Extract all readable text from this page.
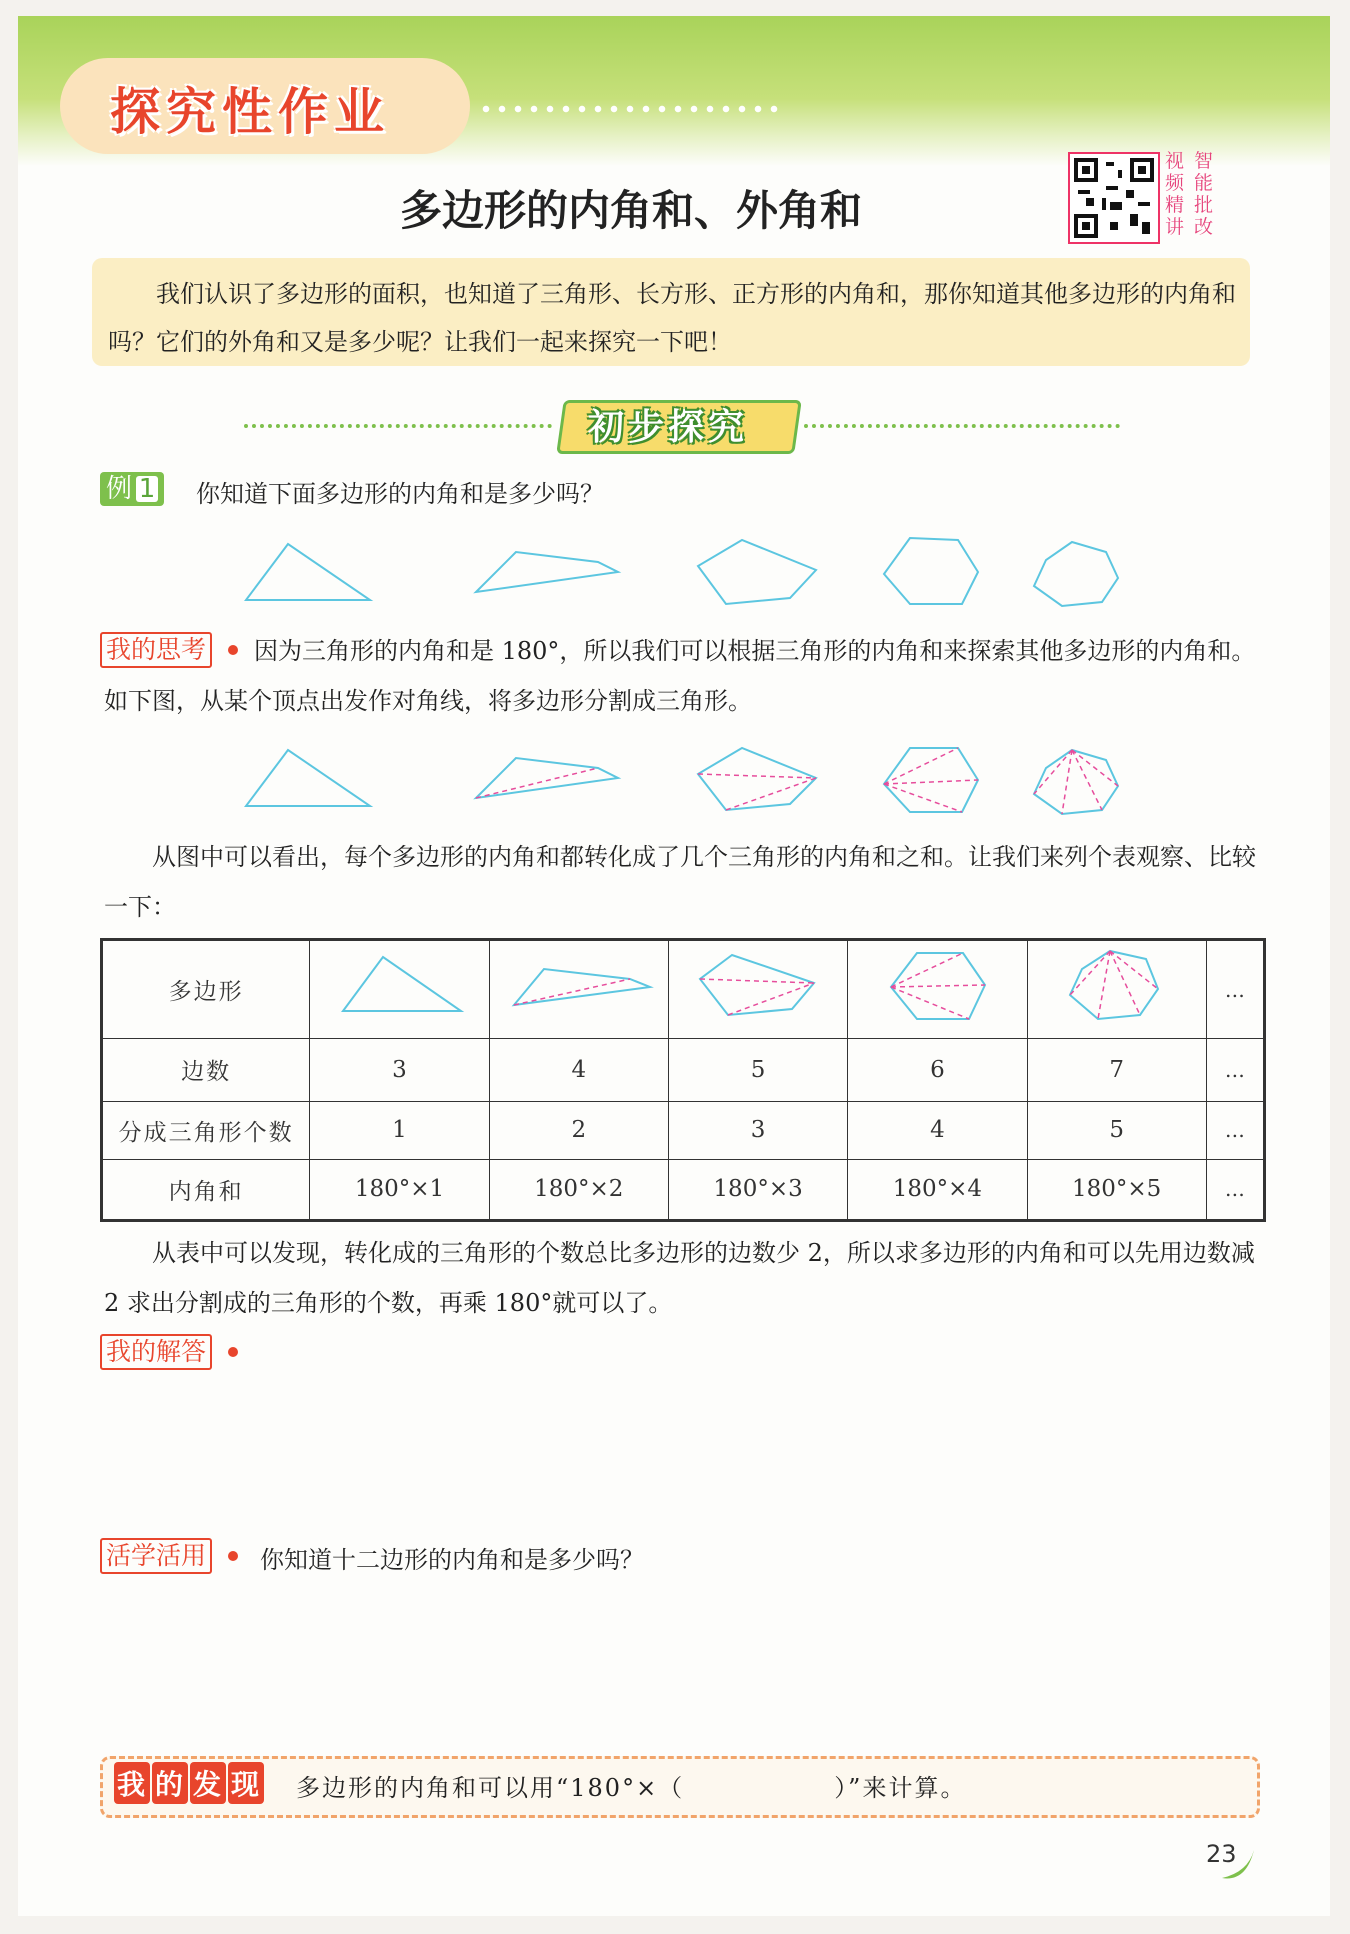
探究性作业
多边形的内角和、外角和
视 智
频 能
精 批
讲 改
我们认识了多边形的面积，也知道了三角形、长方形、正方形的内角和，那你知道其他多边形的内角和吗？它们的外角和又是多少呢？让我们一起来探究一下吧！
初步探究
例 1	你知道下面多边形的内角和是多少吗？
我的思考	因为三角形的内角和是 180°，所以我们可以根据三角形的内角和来探索其他多边形的内角和。如下图，从某个顶点出发作对角线，将多边形分割成三角形。
从图中可以看出，每个多边形的内角和都转化成了几个三角形的内角和之和。让我们来列个表观察、比较一下：
多边形						…
边数	3	4	5	6	7	…
分成三角形个数	1	2	3	4	5	…
内角和	180°×1	180°×2	180°×3	180°×4	180°×5	…
从表中可以发现，转化成的三角形的个数总比多边形的边数少 2，所以求多边形的内角和可以先用边数减 2 求出分割成的三角形的个数，再乘 180°就可以了。
我的解答
活学活用 你知道十二边形的内角和是多少吗？
我 的 发 现 多边形的内角和可以用“180°×（	）”来计算。
23
